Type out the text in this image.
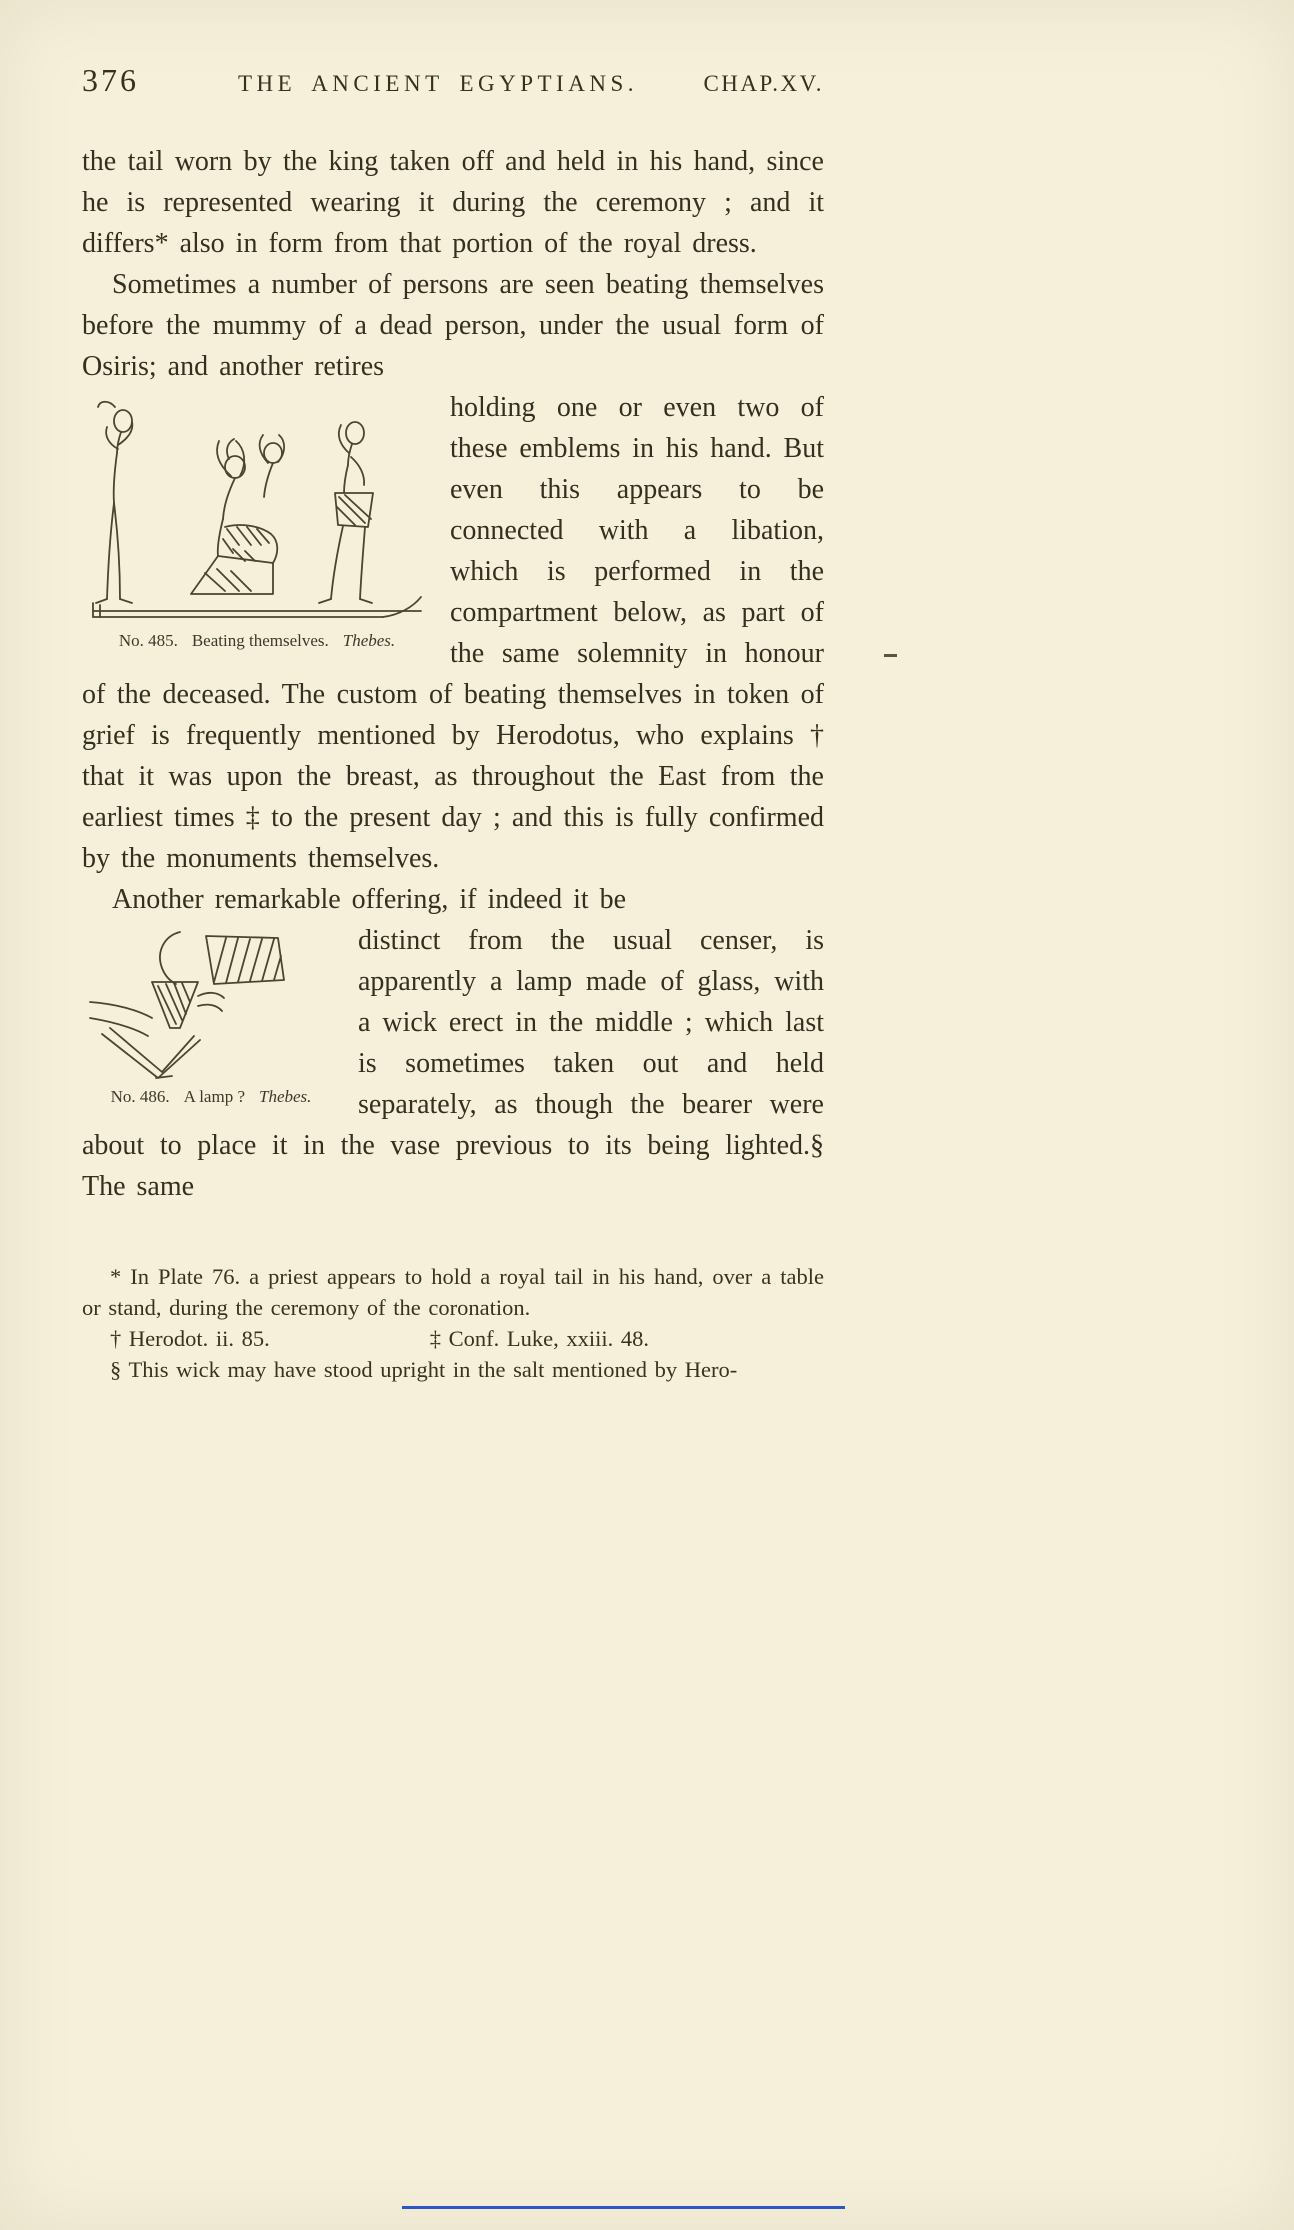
376	THE ANCIENT EGYPTIANS.	CHAP.XV.

the tail worn by the king taken off and held in his hand, since he is represented wearing it during the ceremony ; and it differs* also in form from that portion of the royal dress.

Sometimes a number of persons are seen beating themselves before the mummy of a dead person, under the usual form of Osiris; and another retires

No. 485. Beating themselves. Thebes.

holding one or even two of these emblems in his hand. But even this appears to be connected with a libation, which is performed in the compartment below, as part of the same solemnity in honour of the deceased. The custom of beating themselves in token of grief is frequently mentioned by Herodotus, who explains † that it was upon the breast, as throughout the East from the earliest times ‡ to the present day ; and this is fully confirmed by the monuments themselves.

Another remarkable offering, if indeed it be

No. 486. A lamp ? Thebes.

distinct from the usual censer, is apparently a lamp made of glass, with a wick erect in the middle ; which last is sometimes taken out and held separately, as though the bearer were about to place it in the vase previous to its being lighted.§ The same

* In Plate 76. a priest appears to hold a royal tail in his hand, over a table or stand, during the ceremony of the coronation.

† Herodot. ii. 85.	‡ Conf. Luke, xxiii. 48.

§ This wick may have stood upright in the salt mentioned by Hero-
